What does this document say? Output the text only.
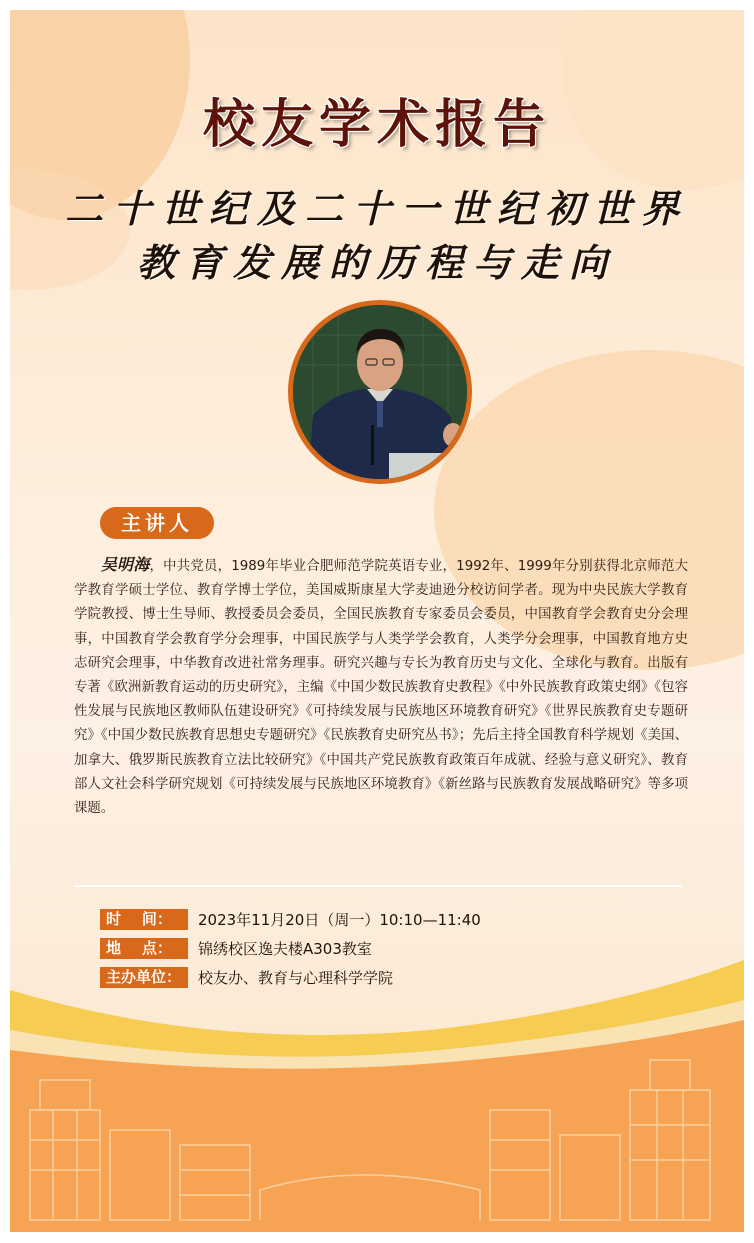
校友学术报告
二十世纪及二十一世纪初世界
教育发展的历程与走向
主讲人

吴明海，中共党员，1989年毕业合肥师范学院英语专业，1992年、1999年分别获得北京师范大学教育学硕士学位、教育学博士学位，美国威斯康星大学麦迪逊分校访问学者。现为中央民族大学教育学院教授、博士生导师、教授委员会委员，全国民族教育专家委员会委员，中国教育学会教育史分会理事，中国教育学会教育学分会理事，中国民族学与人类学学会教育，人类学分会理事，中国教育地方史志研究会理事，中华教育改进社常务理事。研究兴趣与专长为教育历史与文化、全球化与教育。出版有专著《欧洲新教育运动的历史研究》，主编《中国少数民族教育史教程》《中外民族教育政策史纲》《包容性发展与民族地区教师队伍建设研究》《可持续发展与民族地区环境教育研究》《世界民族教育史专题研究》《中国少数民族教育思想史专题研究》《民族教育史研究丛书》；先后主持全国教育科学规划《美国、加拿大、俄罗斯民族教育立法比较研究》《中国共产党民族教育政策百年成就、经验与意义研究》、教育部人文社会科学研究规划《可持续发展与民族地区环境教育》《新丝路与民族教育发展战略研究》等多项课题。

时    间：	2023年11月20日（周一）10:10—11:40
地    点：	锦绣校区逸夫楼A303教室
主办单位：	校友办、教育与心理科学学院
